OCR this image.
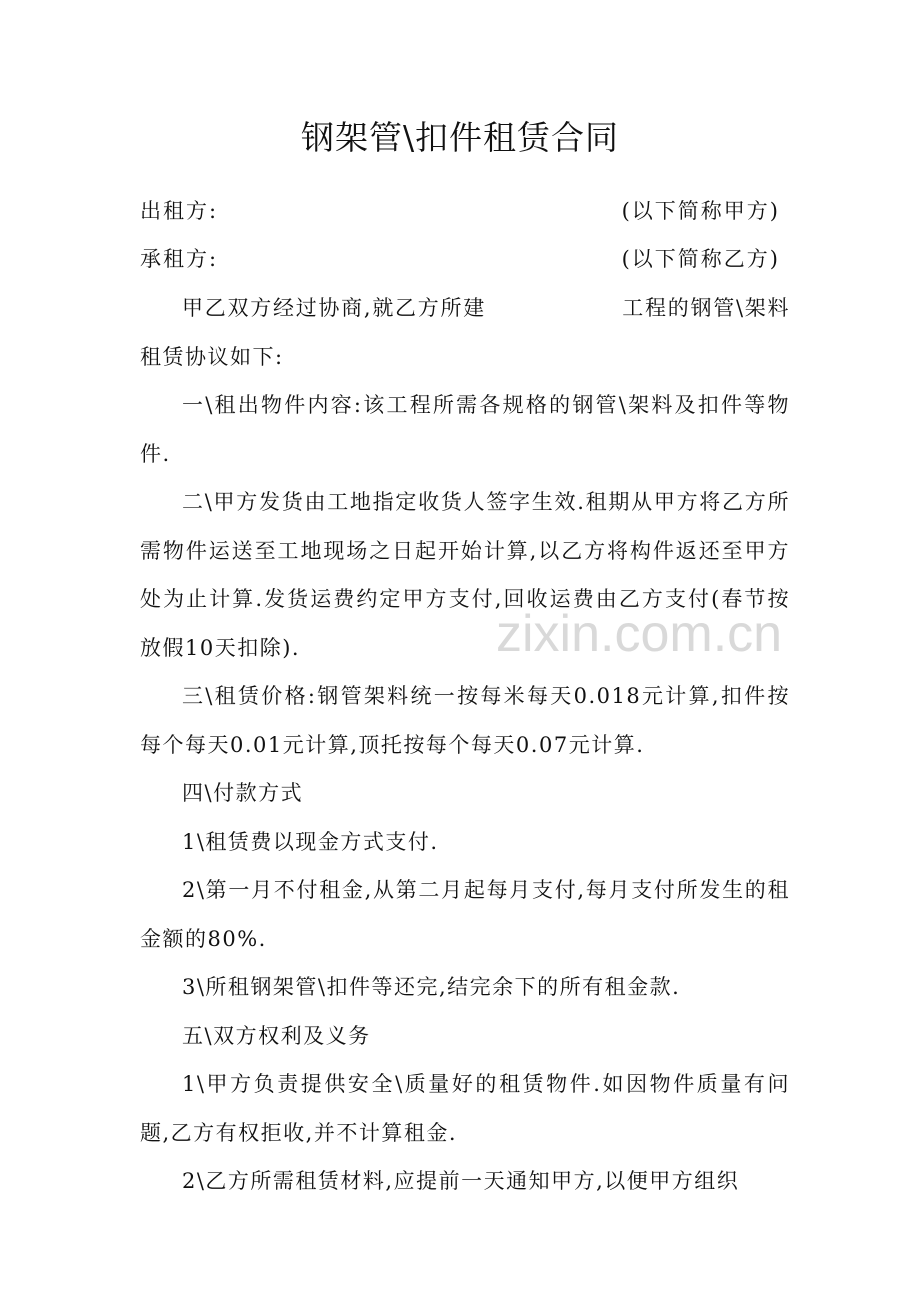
钢架管\扣件租赁合同
出租方:	(以下简称甲方)
承租方:	(以下简称乙方)

甲乙双方经过协商,就乙方所建	工程的钢管\架料租赁协议如下:

一\租出物件内容:该工程所需各规格的钢管\架料及扣件等物件.

二\甲方发货由工地指定收货人签字生效.租期从甲方将乙方所需物件运送至工地现场之日起开始计算,以乙方将构件返还至甲方处为止计算.发货运费约定甲方支付,回收运费由乙方支付(春节按放假10天扣除).

三\租赁价格:钢管架料统一按每米每天0.018元计算,扣件按每个每天0.01元计算,顶托按每个每天0.07元计算.

四\付款方式

1\租赁费以现金方式支付.

2\第一月不付租金,从第二月起每月支付,每月支付所发生的租金额的80%.

3\所租钢架管\扣件等还完,结完余下的所有租金款.

五\双方权利及义务

1\甲方负责提供安全\质量好的租赁物件.如因物件质量有问题,乙方有权拒收,并不计算租金.

2\乙方所需租赁材料,应提前一天通知甲方,以便甲方组织

zixin.com.cn
